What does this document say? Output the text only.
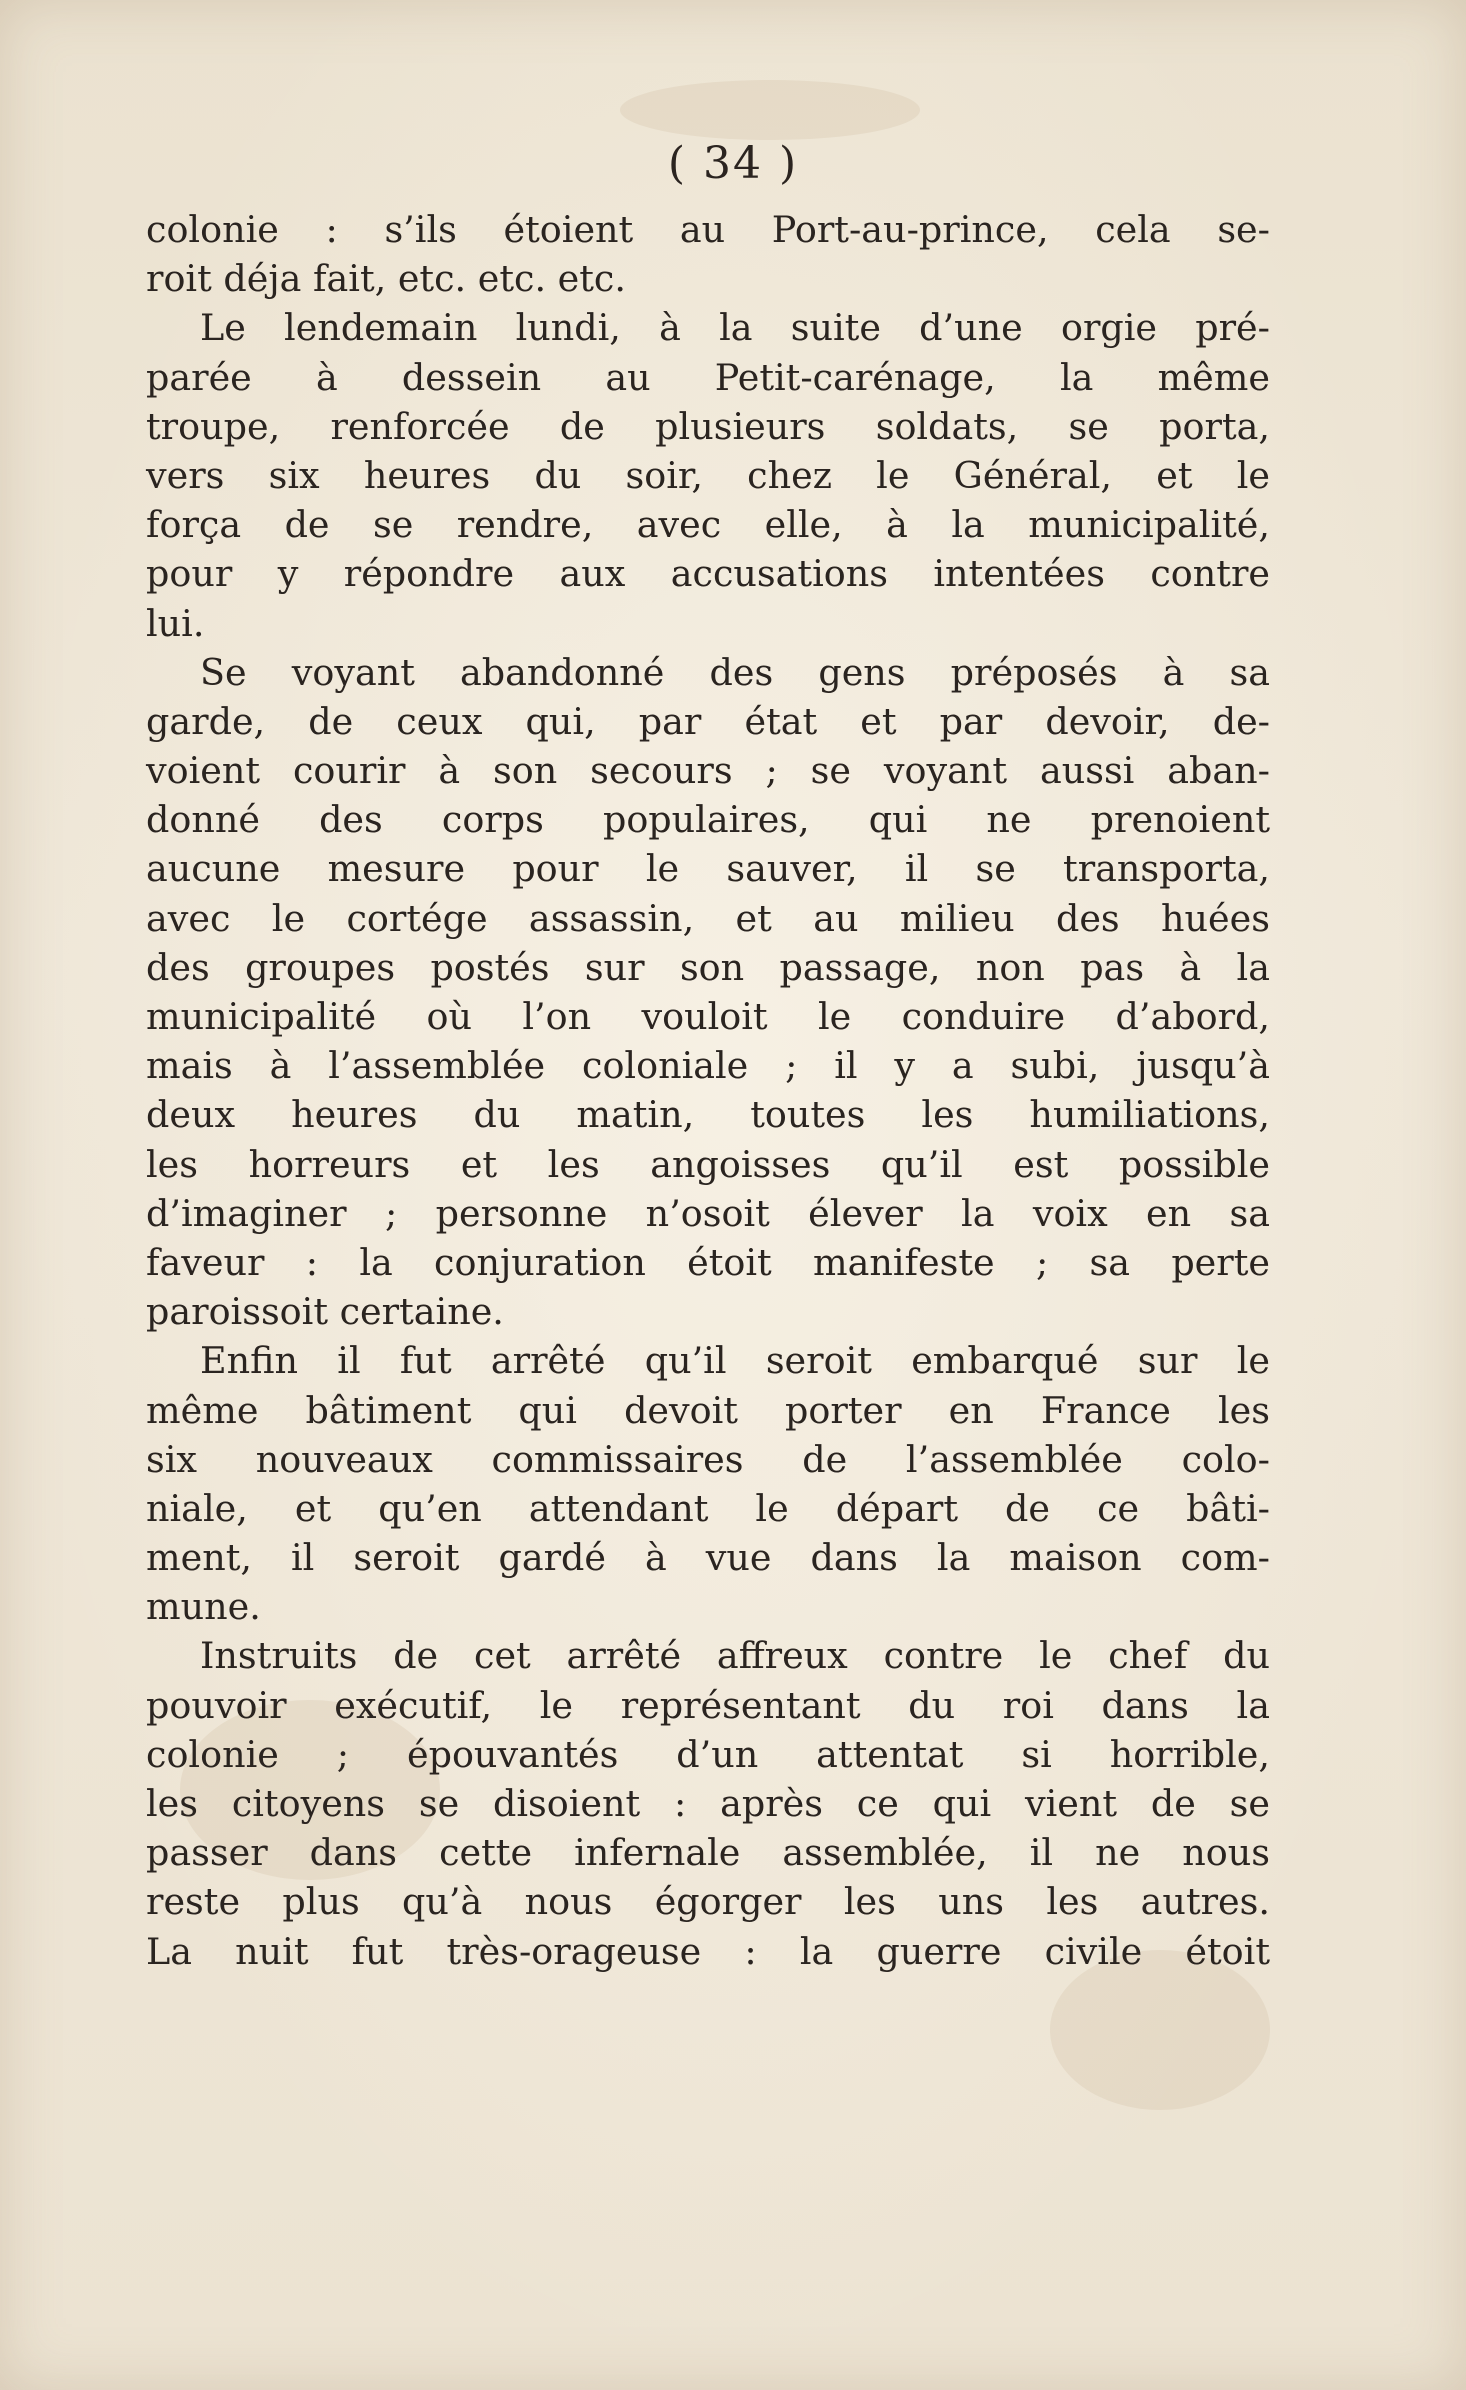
( 34 )
colonie : s’ils étoient au Port-au-prince, cela se-
roit déja fait, etc. etc. etc.
Le lendemain lundi, à la suite d’une orgie pré-
parée à dessein au Petit-carénage, la même
troupe, renforcée de plusieurs soldats, se porta,
vers six heures du soir, chez le Général, et le
força de se rendre, avec elle, à la municipalité,
pour y répondre aux accusations intentées contre
lui.
Se voyant abandonné des gens préposés à sa
garde, de ceux qui, par état et par devoir, de-
voient courir à son secours ; se voyant aussi aban-
donné des corps populaires, qui ne prenoient
aucune mesure pour le sauver, il se transporta,
avec le cortége assassin, et au milieu des huées
des groupes postés sur son passage, non pas à la
municipalité où l’on vouloit le conduire d’abord,
mais à l’assemblée coloniale ; il y a subi, jusqu’à
deux heures du matin, toutes les humiliations,
les horreurs et les angoisses qu’il est possible
d’imaginer ; personne n’osoit élever la voix en sa
faveur : la conjuration étoit manifeste ; sa perte
paroissoit certaine.
Enfin il fut arrêté qu’il seroit embarqué sur le
même bâtiment qui devoit porter en France les
six nouveaux commissaires de l’assemblée colo-
niale, et qu’en attendant le départ de ce bâti-
ment, il seroit gardé à vue dans la maison com-
mune.
Instruits de cet arrêté affreux contre le chef du
pouvoir exécutif, le représentant du roi dans la
colonie ; épouvantés d’un attentat si horrible,
les citoyens se disoient : après ce qui vient de se
passer dans cette infernale assemblée, il ne nous
reste plus qu’à nous égorger les uns les autres.
La nuit fut très-orageuse : la guerre civile étoit
